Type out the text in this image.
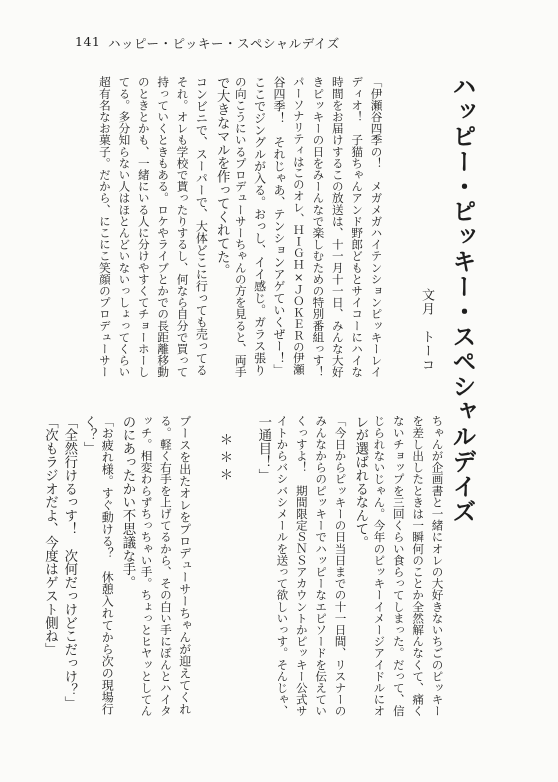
141 ハッピー・ピッキー・スペシャルデイズ
ハッピー・ピッキー・スペシャルデイズ
文月　トーコ
「伊瀬谷四季の！　メガメガハイテンションピッキーレイ
ディオ！　子猫ちゃんアンド野郎どもとサイコーにハイな
時間をお届けするこの放送は、十一月十一日、みんな大好
きピッキーの日をみーんなで楽しむための特別番組っす！
パーソナリティはこのオレ、ＨＩＧＨ×ＪＯＫＥＲの伊瀬
谷四季！　それじゃあ、テンションアゲていくぜー！」
ここでジングルが入る。おっし、イイ感じ。ガラス張り
の向こうにいるプロデューサーちゃんの方を見ると、両手
で大きなマルを作ってくれてた。
コンビニで、スーパーで、大体どこに行っても売ってる
それ。オレも学校で貰ったりするし、何なら自分で買って
持っていくときもある。ロケやライブとかでの長距離移動
のときとかも、一緒にいる人に分けやすくてチョーホーし
てる。多分知らない人はほとんどいないっしょってくらい
超有名なお菓子。だから、にこにこ笑顔のプロデューサー
ちゃんが企画書と一緒にオレの大好きないちごのピッキー
を差し出したときは一瞬何のことか全然解んなくて、痛く
ないチョップを三回くらい食らってしまった。だって、信
じられないじゃん。今年のピッキーイメージアイドルにオ
レが選ばれるなんて。
「今日からピッキーの日当日までの十一日間、リスナーの
みんなからのピッキーでハッピーなエピソードを伝えてい
くっすよ！　期間限定ＳＮＳアカウントかピッキー公式サ
イトからバシバシメールを送って欲しいっす。そんじゃ、
一通目！」
＊＊＊
ブースを出たオレをプロデューサーちゃんが迎えてくれ
る。軽く右手を上げてるから、その白い手にぽんとハイタ
ッチ。相変わらずちっちゃい手。ちょっとヒヤッとしてん
のにあったかい不思議な手。
「お疲れ様。すぐ動ける？　休憩入れてから次の現場行
く？」
「全然行けるっす！　次何だっけどこだっけ？」
「次もラジオだよ、今度はゲスト側ね」
